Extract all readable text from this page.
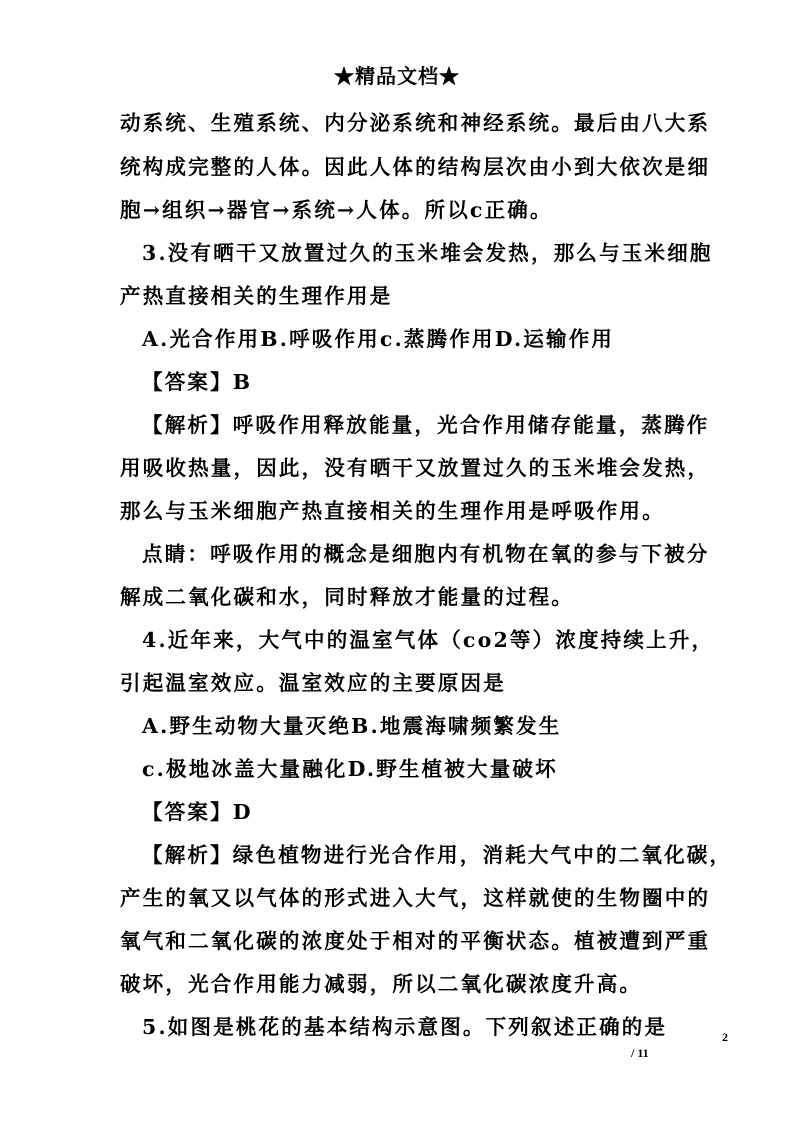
★精品文档★
动系统、生殖系统、内分泌系统和神经系统。最后由八大系
统构成完整的人体。因此人体的结构层次由小到大依次是细
胞→组织→器官→系统→人体。所以c正确。
3.没有晒干又放置过久的玉米堆会发热，那么与玉米细胞
产热直接相关的生理作用是
A.光合作用B.呼吸作用c.蒸腾作用D.运输作用
【答案】B
【解析】呼吸作用释放能量，光合作用储存能量，蒸腾作
用吸收热量，因此，没有晒干又放置过久的玉米堆会发热，
那么与玉米细胞产热直接相关的生理作用是呼吸作用。
点睛：呼吸作用的概念是细胞内有机物在氧的参与下被分
解成二氧化碳和水，同时释放才能量的过程。
4.近年来，大气中的温室气体（co2等）浓度持续上升，
引起温室效应。温室效应的主要原因是
A.野生动物大量灭绝B.地震海啸频繁发生
c.极地冰盖大量融化D.野生植被大量破坏
【答案】D
【解析】绿色植物进行光合作用，消耗大气中的二氧化碳，
产生的氧又以气体的形式进入大气，这样就使的生物圈中的
氧气和二氧化碳的浓度处于相对的平衡状态。植被遭到严重
破坏，光合作用能力减弱，所以二氧化碳浓度升高。
5.如图是桃花的基本结构示意图。下列叙述正确的是	2
/ 11
